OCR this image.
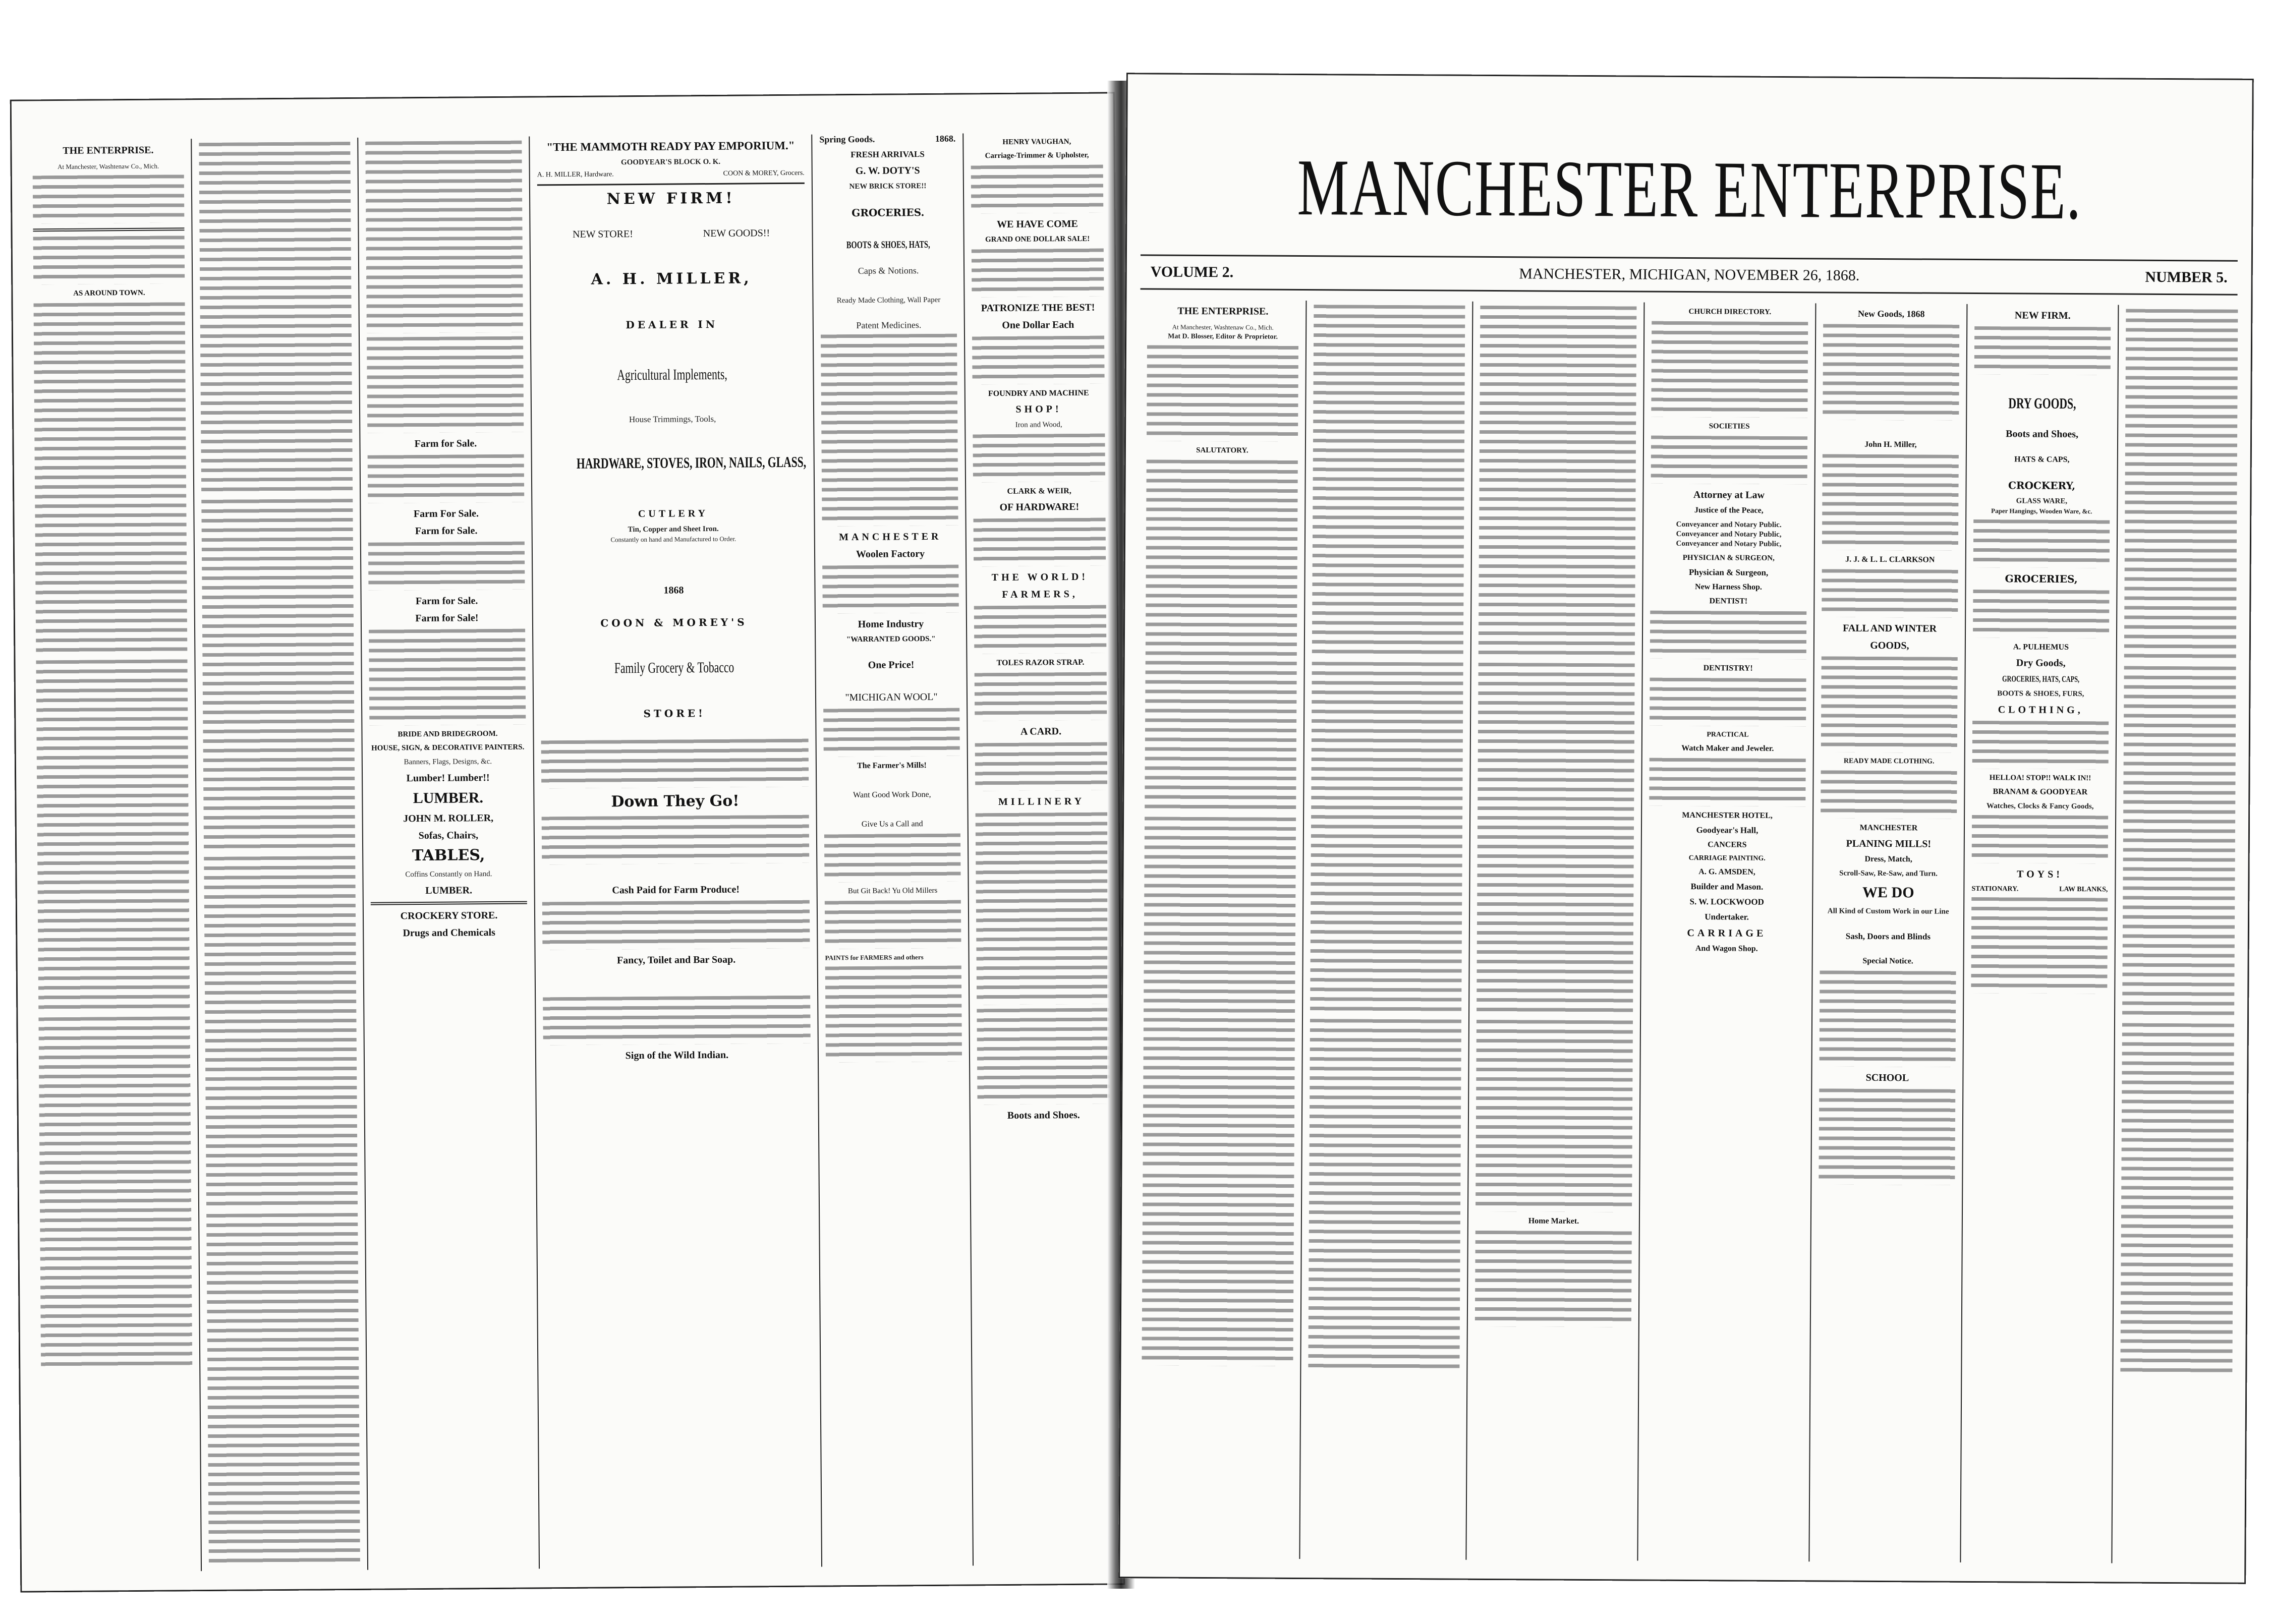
THE ENTERPRISE.
At Manchester, Washtenaw Co., Mich.
AS AROUND TOWN.
Farm for Sale.
Farm For Sale.
Farm for Sale.
Farm for Sale.
Farm for Sale!
BRIDE AND BRIDEGROOM.
HOUSE, SIGN, & DECORATIVE PAINTERS.
Banners, Flags, Designs, &c.
Lumber! Lumber!!
LUMBER.
JOHN M. ROLLER,
Sofas, Chairs,
TABLES,
Coffins Constantly on Hand.
LUMBER.
CROCKERY STORE.
Drugs and Chemicals
"THE MAMMOTH READY PAY EMPORIUM."
GOODYEAR'S BLOCK O. K.
A. H. MILLER, Hardware.	COON & MOREY, Grocers.
NEW FIRM!
NEW STORE!	NEW GOODS!!
A. H. MILLER,
DEALER IN
Agricultural Implements,
House Trimmings, Tools,
HARDWARE, STOVES, IRON, NAILS, GLASS,
CUTLERY
Tin, Copper and Sheet Iron.
Constantly on hand and Manufactured to Order.
1868
COON & MOREY'S
Family Grocery & Tobacco
STORE!
Down They Go!
Cash Paid for Farm Produce!
Fancy, Toilet and Bar Soap.
Sign of the Wild Indian.
Spring Goods.	1868.
FRESH ARRIVALS
G. W. DOTY'S
NEW BRICK STORE!!
GROCERIES.
BOOTS & SHOES, HATS,
Caps & Notions.
Ready Made Clothing, Wall Paper
Patent Medicines.
MANCHESTER
Woolen Factory
Home Industry
"WARRANTED GOODS."
One Price!
"MICHIGAN WOOL"
The Farmer's Mills!
Want Good Work Done,
Give Us a Call and
But Git Back! Yu Old Millers
PAINTS for FARMERS and others
HENRY VAUGHAN,
Carriage-Trimmer & Upholster,
WE HAVE COME
GRAND ONE DOLLAR SALE!
PATRONIZE THE BEST!
One Dollar Each
FOUNDRY AND MACHINE
SHOP!
Iron and Wood,
CLARK & WEIR,
OF HARDWARE!
THE WORLD!
FARMERS,
TOLES RAZOR STRAP.
A CARD.
MILLINERY
Boots and Shoes.
MANCHESTER ENTERPRISE.
VOLUME 2.	MANCHESTER, MICHIGAN, NOVEMBER 26, 1868.	NUMBER 5.
THE ENTERPRISE.
At Manchester, Washtenaw Co., Mich.
Mat D. Blosser, Editor & Proprietor.
SALUTATORY.
Home Market.
CHURCH DIRECTORY.
SOCIETIES
Attorney at Law
Justice of the Peace,
Conveyancer and Notary Public.
Conveyancer and Notary Public,
Conveyancer and Notary Public,
PHYSICIAN & SURGEON,
Physician & Surgeon,
New Harness Shop.
DENTIST!
DENTISTRY!
PRACTICAL
Watch Maker and Jeweler.
MANCHESTER HOTEL,
Goodyear's Hall,
CANCERS
CARRIAGE PAINTING.
A. G. AMSDEN,
Builder and Mason.
S. W. LOCKWOOD
Undertaker.
CARRIAGE
And Wagon Shop.
New Goods, 1868
John H. Miller,
J. J. & L. L. CLARKSON
FALL AND WINTER
GOODS,
READY MADE CLOTHING.
MANCHESTER
PLANING MILLS!
Dress, Match,
Scroll-Saw, Re-Saw, and Turn.
WE DO
All Kind of Custom Work in our Line
Sash, Doors and Blinds
Special Notice.
SCHOOL
NEW FIRM.
DRY GOODS,
Boots and Shoes,
HATS & CAPS,
CROCKERY,
GLASS WARE,
Paper Hangings, Wooden Ware, &c.
GROCERIES,
A. PULHEMUS
Dry Goods,
GROCERIES, HATS, CAPS,
BOOTS & SHOES, FURS,
CLOTHING,
HELLOA! STOP!! WALK IN!!
BRANAM & GOODYEAR
Watches, Clocks & Fancy Goods,
TOYS!
STATIONARY.	LAW BLANKS,
